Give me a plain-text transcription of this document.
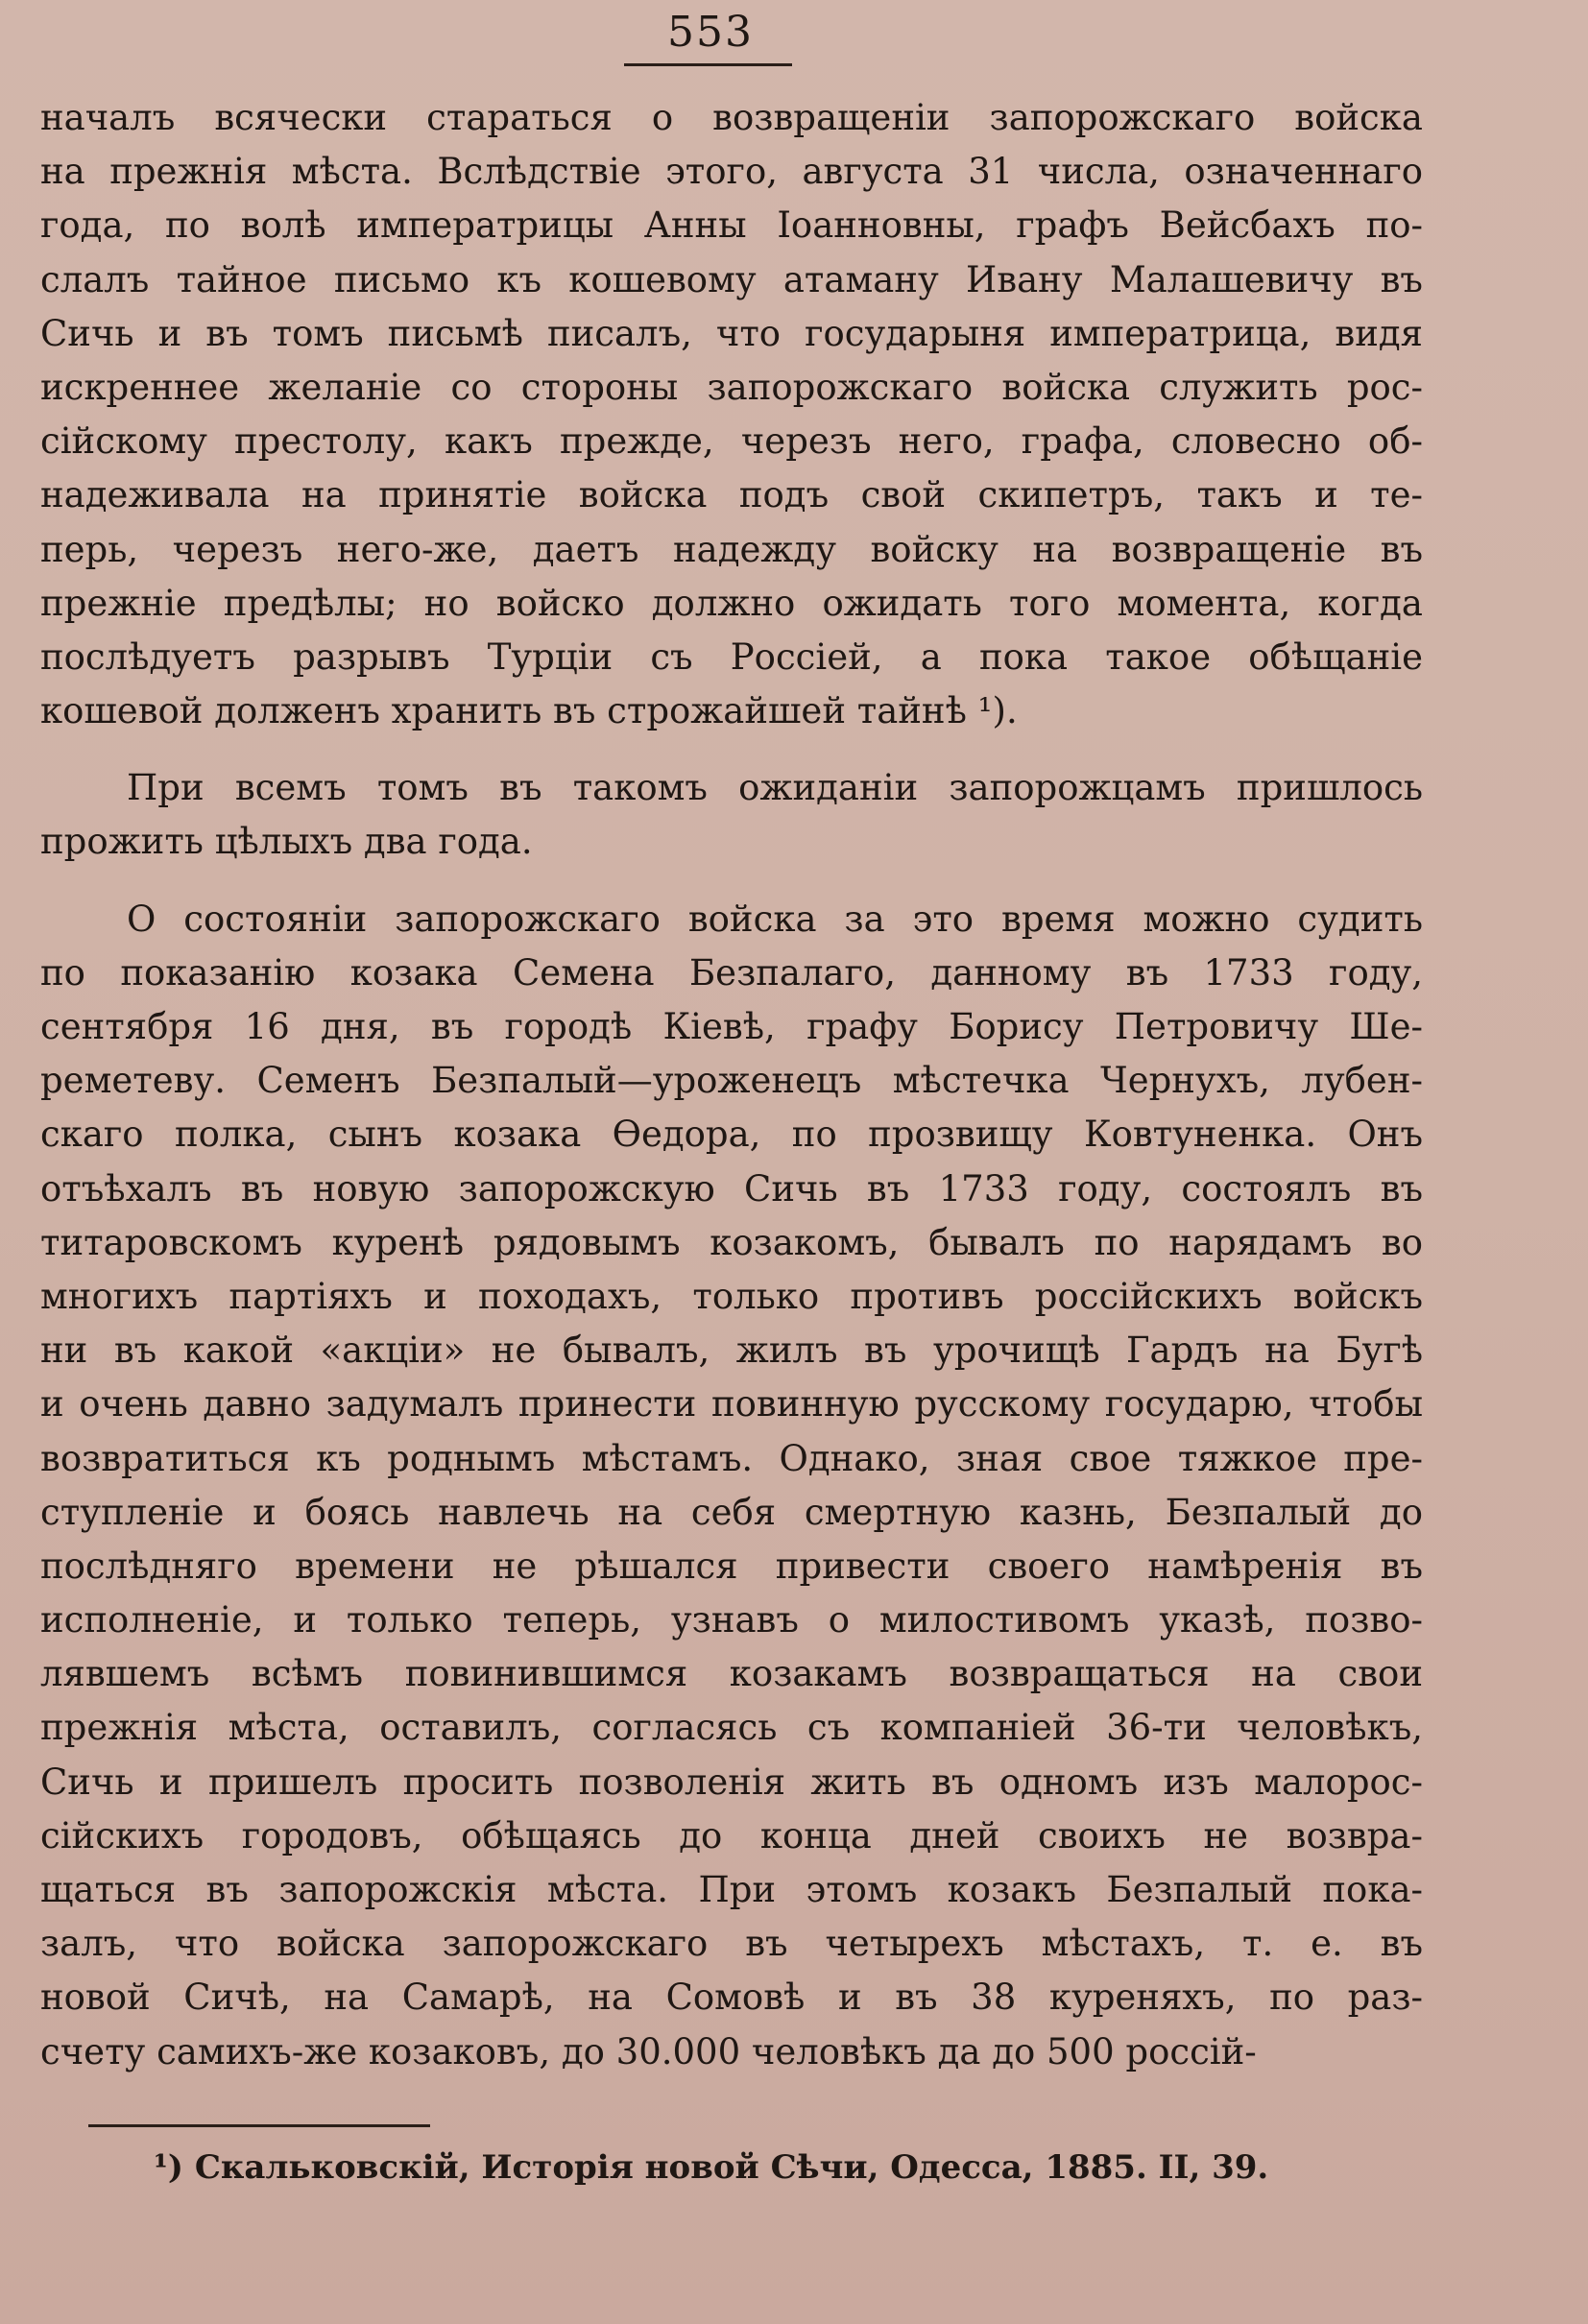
553
началъ всячески стараться о возвращеніи запорожскаго войска
на прежнія мѣста. Вслѣдствіе этого, августа 31 числа, означеннаго
года, по волѣ императрицы Анны Іоанновны, графъ Вейсбахъ по-
слалъ тайное письмо къ кошевому атаману Ивану Малашевичу въ
Сичь и въ томъ письмѣ писалъ, что государыня императрица, видя
искреннее желаніе со стороны запорожскаго войска служить рос-
сійскому престолу, какъ прежде, черезъ него, графа, словесно об-
надеживала на принятіе войска подъ свой скипетръ, такъ и те-
перь, черезъ него-же, даетъ надежду войску на возвращеніе въ
прежніе предѣлы; но войско должно ожидать того момента, когда
послѣдуетъ разрывъ Турціи съ Россіей, а пока такое обѣщаніе
кошевой долженъ хранить въ строжайшей тайнѣ ¹).
При всемъ томъ въ такомъ ожиданіи запорожцамъ пришлось
прожить цѣлыхъ два года.
О состояніи запорожскаго войска за это время можно судить
по показанію козака Семена Безпалаго, данному въ 1733 году,
сентября 16 дня, въ городѣ Кіевѣ, графу Борису Петровичу Ше-
реметеву. Семенъ Безпалый—уроженецъ мѣстечка Чернухъ, лубен-
скаго полка, сынъ козака Ѳедора, по прозвищу Ковтуненка. Онъ
отъѣхалъ въ новую запорожскую Сичь въ 1733 году, состоялъ въ
титаровскомъ куренѣ рядовымъ козакомъ, бывалъ по нарядамъ во
многихъ партіяхъ и походахъ, только противъ россійскихъ войскъ
ни въ какой «акціи» не бывалъ, жилъ въ урочищѣ Гардъ на Бугѣ
и очень давно задумалъ принести повинную русскому государю, чтобы
возвратиться къ роднымъ мѣстамъ. Однако, зная свое тяжкое пре-
ступленіе и боясь навлечь на себя смертную казнь, Безпалый до
послѣдняго времени не рѣшался привести своего намѣренія въ
исполненіе, и только теперь, узнавъ о милостивомъ указѣ, позво-
лявшемъ всѣмъ повинившимся козакамъ возвращаться на свои
прежнія мѣста, оставилъ, согласясь съ компаніей 36-ти человѣкъ,
Сичь и пришелъ просить позволенія жить въ одномъ изъ малорос-
сійскихъ городовъ, обѣщаясь до конца дней своихъ не возвра-
щаться въ запорожскія мѣста. При этомъ козакъ Безпалый пока-
залъ, что войска запорожскаго въ четырехъ мѣстахъ, т. е. въ
новой Сичѣ, на Самарѣ, на Сомовѣ и въ 38 куреняхъ, по раз-
счету самихъ-же козаковъ, до 30.000 человѣкъ да до 500 россій-
¹) Скальковскій, Исторія новой Сѣчи, Одесса, 1885. II, 39.
